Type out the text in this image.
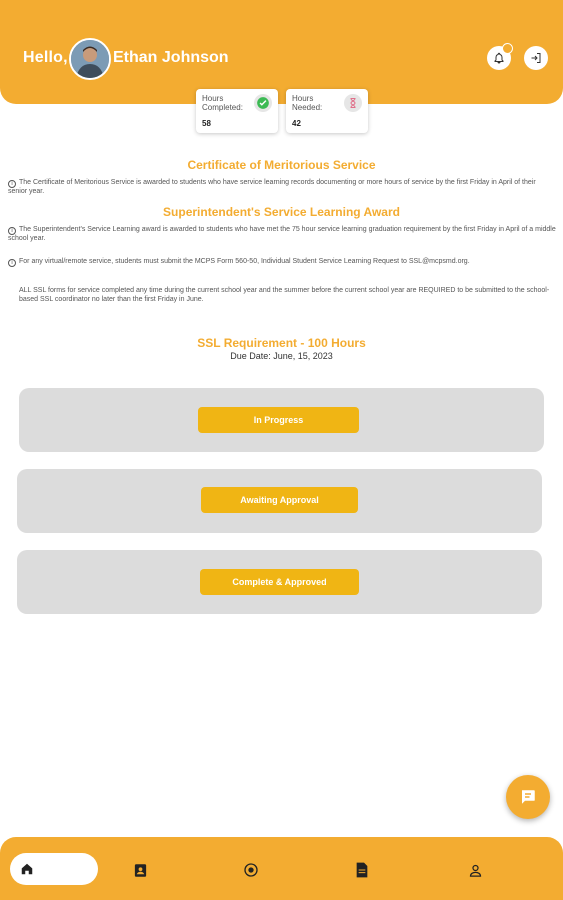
Hello,	Ethan Johnson
Hours Completed:
58
Hours Needed:
42
Certificate of Meritorious Service
i The Certificate of Meritorious Service is awarded to students who have service learning records documenting or more hours of service by the first Friday in April of their senior year.
Superintendent's Service Learning Award
i The Superintendent's Service Learning award is awarded to students who have met the 75 hour service learning graduation requirement by the first Friday in April of a middle school year.
i For any virtual/remote service, students must submit the MCPS Form 560-50, Individual Student Service Learning Request to SSL@mcpsmd.org.
ALL SSL forms for service completed any time during the current school year and the summer before the current school year are REQUIRED to be submitted to the school-based SSL coordinator no later than the first Friday in June.
SSL Requirement - 100 Hours
Due Date: June, 15, 2023
In Progress
Awaiting Approval
Complete & Approved
